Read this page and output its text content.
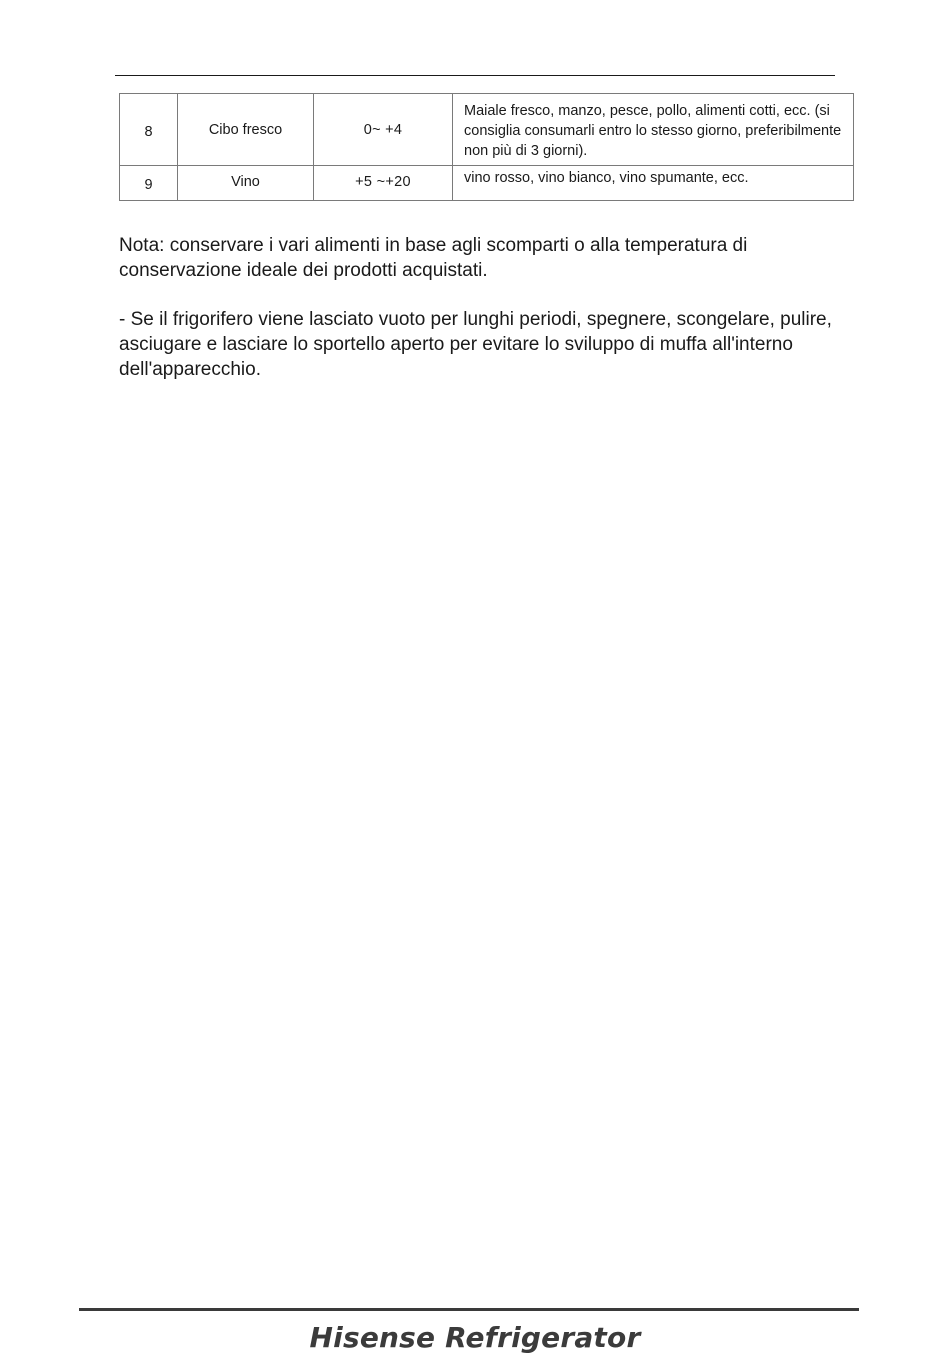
8	Cibo fresco	0~ +4	Maiale fresco, manzo, pesce, pollo, alimenti cotti, ecc. (si consiglia consumarli entro lo stesso giorno, preferibilmente non più di 3 giorni).
9	Vino	+5 ~+20	vino rosso, vino bianco, vino spumante, ecc.

Nota: conservare i vari alimenti in base agli scomparti o alla temperatura di conservazione ideale dei prodotti acquistati.

- Se il frigorifero viene lasciato vuoto per lunghi periodi, spegnere, scongelare, pulire, asciugare e lasciare lo sportello aperto per evitare lo sviluppo di muffa all'interno dell'apparecchio.

Hisense Refrigerator
